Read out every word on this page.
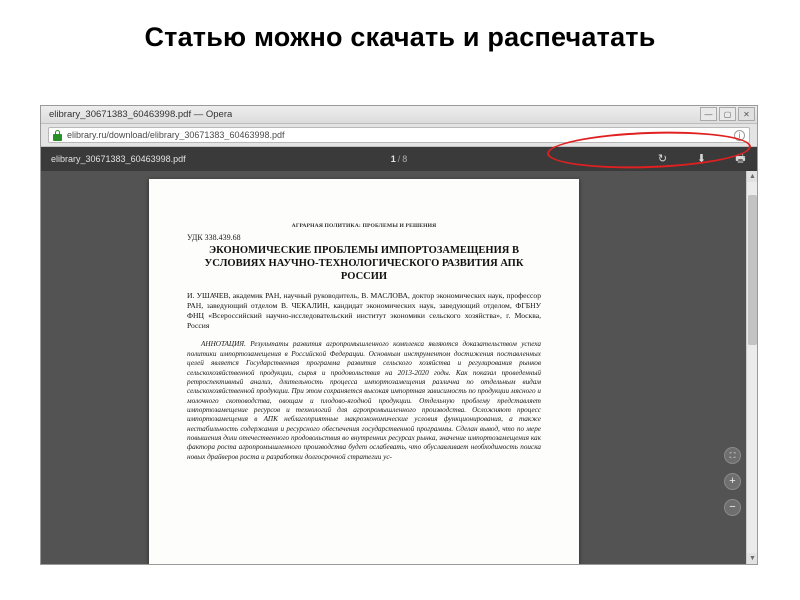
Статью можно скачать и распечатать
elibrary_30671383_60463998.pdf — Opera	—	▢	✕
elibrary.ru/download/elibrary_30671383_60463998.pdf	i
elibrary_30671383_60463998.pdf	1 / 8	↻	⬇	🖶
АГРАРНАЯ ПОЛИТИКА: ПРОБЛЕМЫ И РЕШЕНИЯ
УДК 338.439.68
ЭКОНОМИЧЕСКИЕ ПРОБЛЕМЫ ИМПОРТОЗАМЕЩЕНИЯ В УСЛОВИЯХ НАУЧНО-ТЕХНОЛОГИЧЕСКОГО РАЗВИТИЯ АПК РОССИИ
И. УШАЧЕВ, академик РАН, научный руководитель, В. МАСЛОВА, доктор экономических наук, профессор РАН, заведующий отделом В. ЧЕКАЛИН, кандидат экономических наук, заведующий отделом, ФГБНУ ФНЦ «Всероссийский научно-исследовательский институт экономики сельского хозяйства», г. Москва, Россия
АННОТАЦИЯ. Результаты развития агропромышленного комплекса являются доказательством успеха политики импортозамещения в Российской Федерации. Основным инструментом достижения поставленных целей является Государственная программа развития сельского хозяйства и регулирования рынков сельскохозяйственной продукции, сырья и продовольствия на 2013-2020 годы. Как показал проведенный ретроспективный анализ, длительность процесса импортозамещения различна по отдельным видам сельскохозяйственной продукции. При этом сохраняется высокая импортная зависимость по продукции мясного и молочного скотоводства, овощам и плодово-ягодной продукции. Отдельную проблему представляет импортозамещение ресурсов и технологий для агропромышленного производства. Осложняют процесс импортозамещения в АПК неблагоприятные макроэкономические условия функционирования, а также нестабильность содержания и ресурсного обеспечения государственной программы. Сделан вывод, что по мере повышения доли отечественного продовольствия во внутренних ресурсах рынка, значение импортозамещения как фактора роста агропромышленного производства будет ослабевать, что обуславливает необходимость поиска новых драйверов роста и разработки долгосрочной стратегии ус-	⛶
+
−
▲
▼
